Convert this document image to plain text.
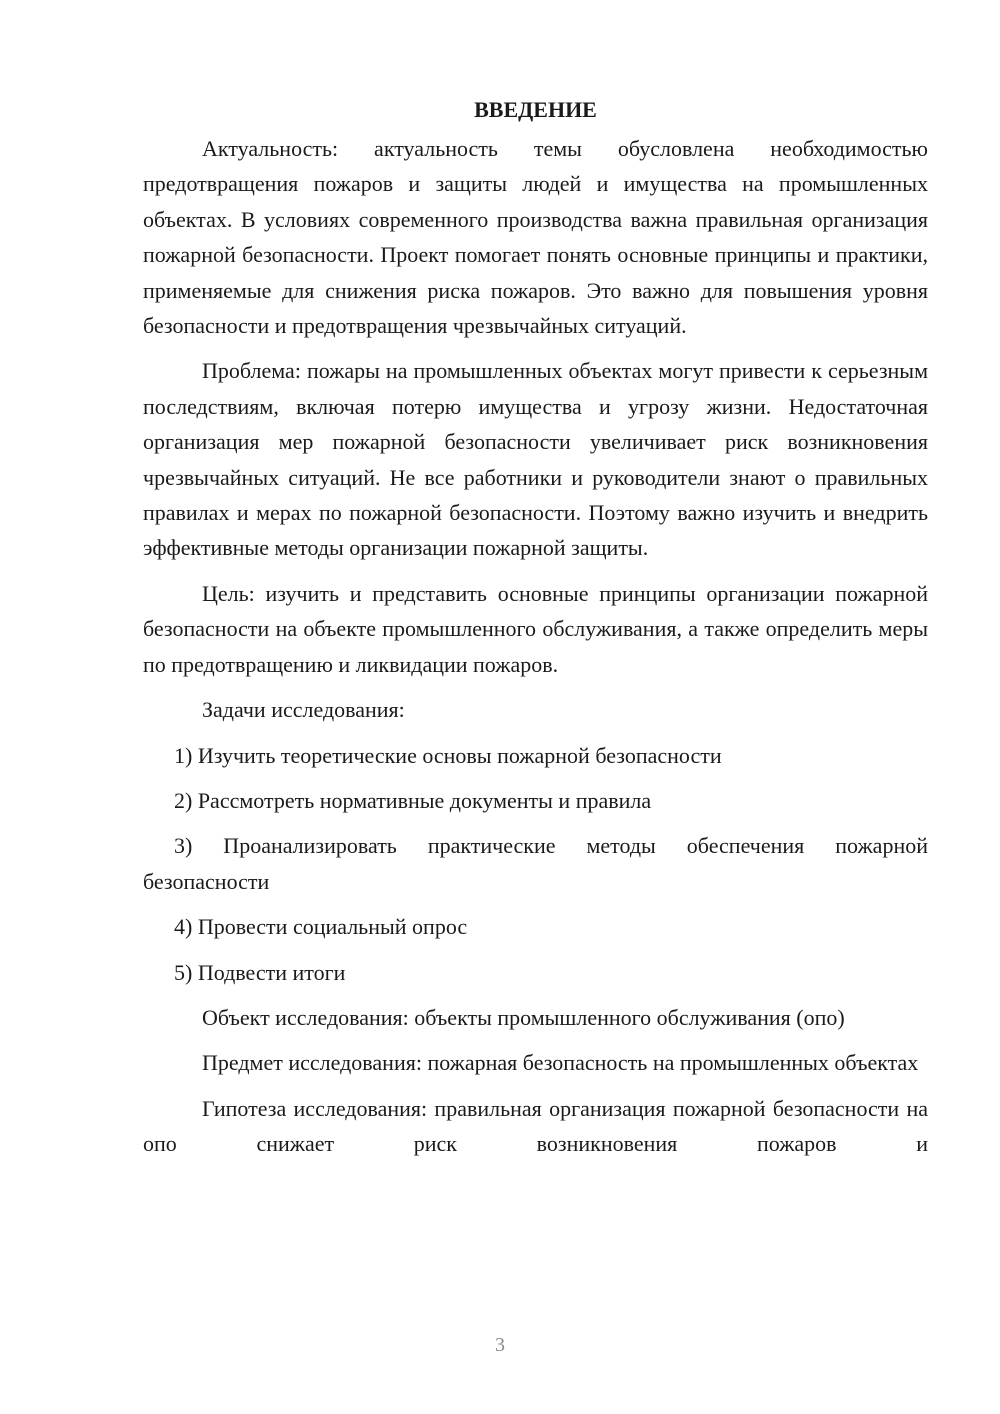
ВВЕДЕНИЕ

Актуальность: актуальность темы обусловлена необходимостью предотвращения пожаров и защиты людей и имущества на промышленных объектах. В условиях современного производства важна правильная организация пожарной безопасности. Проект помогает понять основные принципы и практики, применяемые для снижения риска пожаров. Это важно для повышения уровня безопасности и предотвращения чрезвычайных ситуаций.

Проблема: пожары на промышленных объектах могут привести к серьезным последствиям, включая потерю имущества и угрозу жизни. Недостаточная организация мер пожарной безопасности увеличивает риск возникновения чрезвычайных ситуаций. Не все работники и руководители знают о правильных правилах и мерах по пожарной безопасности. Поэтому важно изучить и внедрить эффективные методы организации пожарной защиты.

Цель: изучить и представить основные принципы организации пожарной безопасности на объекте промышленного обслуживания, а также определить меры по предотвращению и ликвидации пожаров.

Задачи исследования:

1) Изучить теоретические основы пожарной безопасности

2) Рассмотреть нормативные документы и правила

3) Проанализировать практические методы обеспечения пожарной безопасности

4) Провести социальный опрос

5) Подвести итоги

Объект исследования: объекты промышленного обслуживания (опо)

Предмет исследования: пожарная безопасность на промышленных объектах

Гипотеза исследования: правильная организация пожарной безопасности на опо снижает риск возникновения пожаров и

3
